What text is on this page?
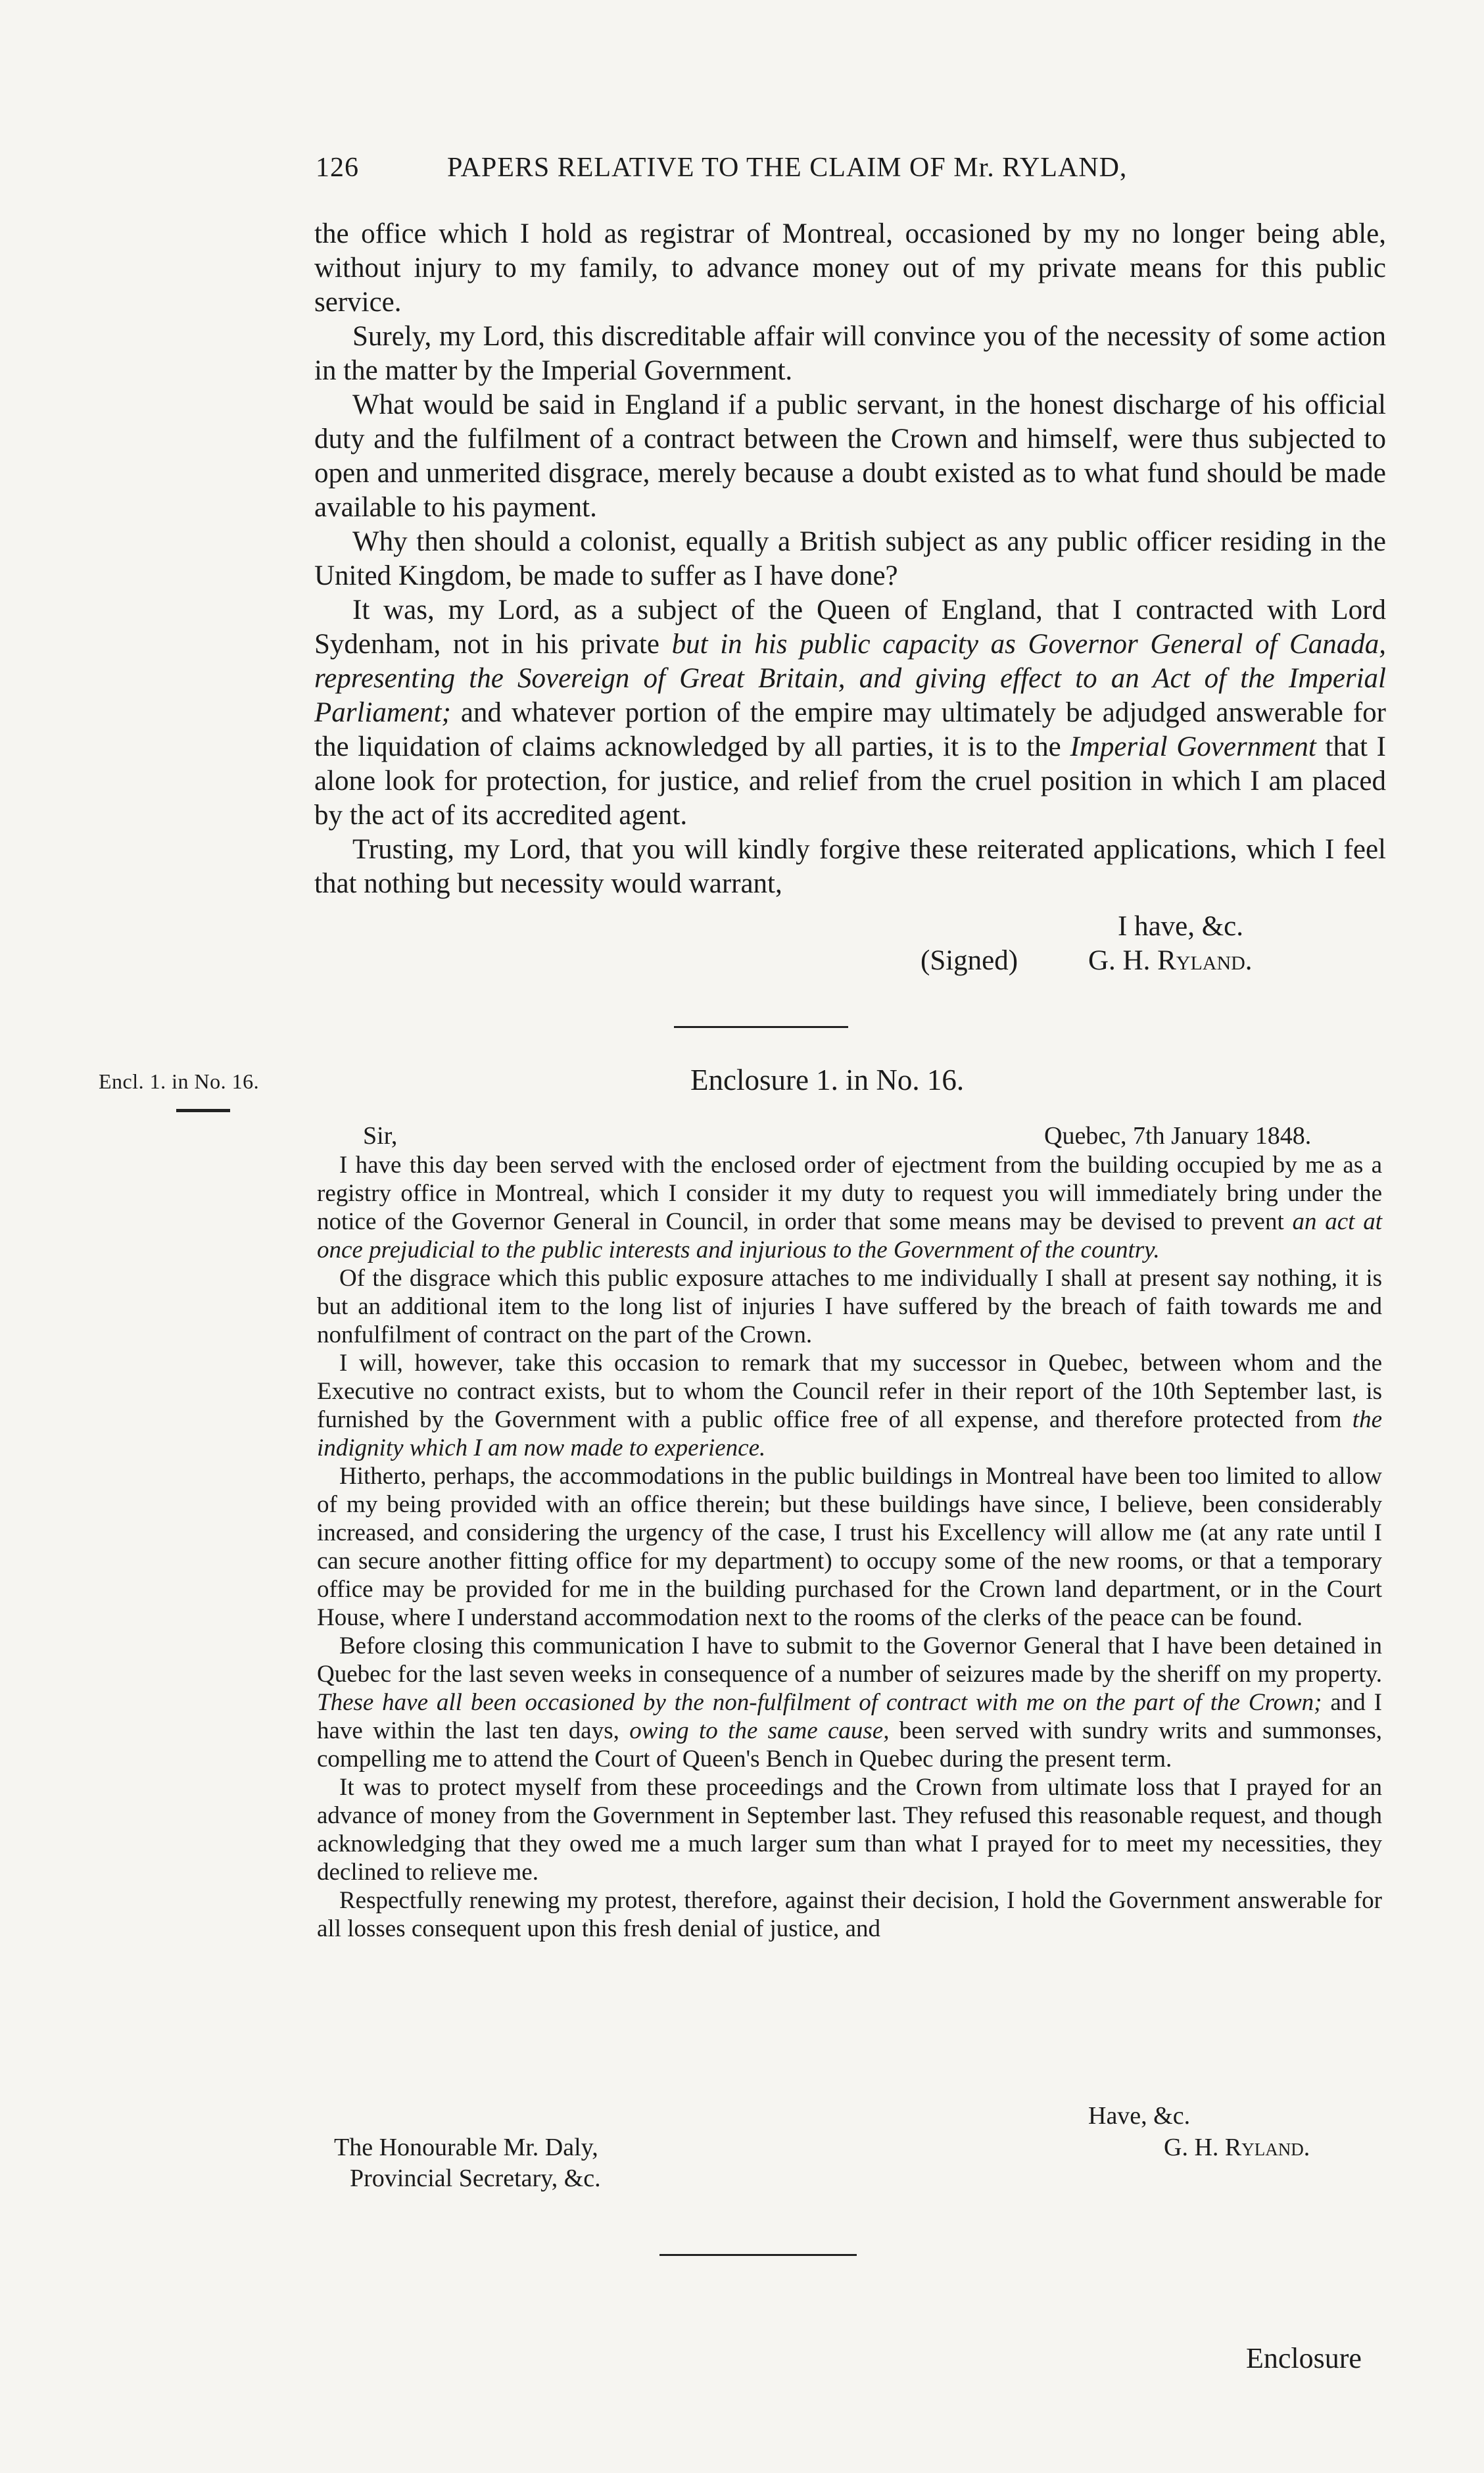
126	PAPERS RELATIVE TO THE CLAIM OF Mr. RYLAND,

the office which I hold as registrar of Montreal, occasioned by my no longer being able, without injury to my family, to advance money out of my private means for this public service.

Surely, my Lord, this discreditable affair will convince you of the necessity of some action in the matter by the Imperial Government.

What would be said in England if a public servant, in the honest discharge of his official duty and the fulfilment of a contract between the Crown and himself, were thus subjected to open and unmerited disgrace, merely because a doubt existed as to what fund should be made available to his payment.

Why then should a colonist, equally a British subject as any public officer residing in the United Kingdom, be made to suffer as I have done?

It was, my Lord, as a subject of the Queen of England, that I contracted with Lord Sydenham, not in his private but in his public capacity as Governor General of Canada, representing the Sovereign of Great Britain, and giving effect to an Act of the Imperial Parliament; and whatever portion of the empire may ultimately be adjudged answerable for the liquidation of claims acknowledged by all parties, it is to the Imperial Government that I alone look for protection, for justice, and relief from the cruel position in which I am placed by the act of its accredited agent.

Trusting, my Lord, that you will kindly forgive these reiterated applications, which I feel that nothing but necessity would warrant,

I have, &c.
(Signed) G. H. Ryland.
Encl. 1. in No. 16.	Enclosure 1. in No. 16.
Sir,	Quebec, 7th January 1848.

I have this day been served with the enclosed order of ejectment from the building occupied by me as a registry office in Montreal, which I consider it my duty to request you will immediately bring under the notice of the Governor General in Council, in order that some means may be devised to prevent an act at once prejudicial to the public interests and injurious to the Government of the country.

Of the disgrace which this public exposure attaches to me individually I shall at present say nothing, it is but an additional item to the long list of injuries I have suffered by the breach of faith towards me and nonfulfilment of contract on the part of the Crown.

I will, however, take this occasion to remark that my successor in Quebec, between whom and the Executive no contract exists, but to whom the Council refer in their report of the 10th September last, is furnished by the Government with a public office free of all expense, and therefore protected from the indignity which I am now made to experience.

Hitherto, perhaps, the accommodations in the public buildings in Montreal have been too limited to allow of my being provided with an office therein; but these buildings have since, I believe, been considerably increased, and considering the urgency of the case, I trust his Excellency will allow me (at any rate until I can secure another fitting office for my department) to occupy some of the new rooms, or that a temporary office may be provided for me in the building purchased for the Crown land department, or in the Court House, where I understand accommodation next to the rooms of the clerks of the peace can be found.

Before closing this communication I have to submit to the Governor General that I have been detained in Quebec for the last seven weeks in consequence of a number of seizures made by the sheriff on my property. These have all been occasioned by the non-fulfilment of contract with me on the part of the Crown; and I have within the last ten days, owing to the same cause, been served with sundry writs and summonses, compelling me to attend the Court of Queen's Bench in Quebec during the present term.

It was to protect myself from these proceedings and the Crown from ultimate loss that I prayed for an advance of money from the Government in September last. They refused this reasonable request, and though acknowledging that they owed me a much larger sum than what I prayed for to meet my necessities, they declined to relieve me.

Respectfully renewing my protest, therefore, against their decision, I hold the Government answerable for all losses consequent upon this fresh denial of justice, and

Have, &c.
The Honourable Mr. Daly,	G. H. Ryland.
Provincial Secretary, &c.
Enclosure
